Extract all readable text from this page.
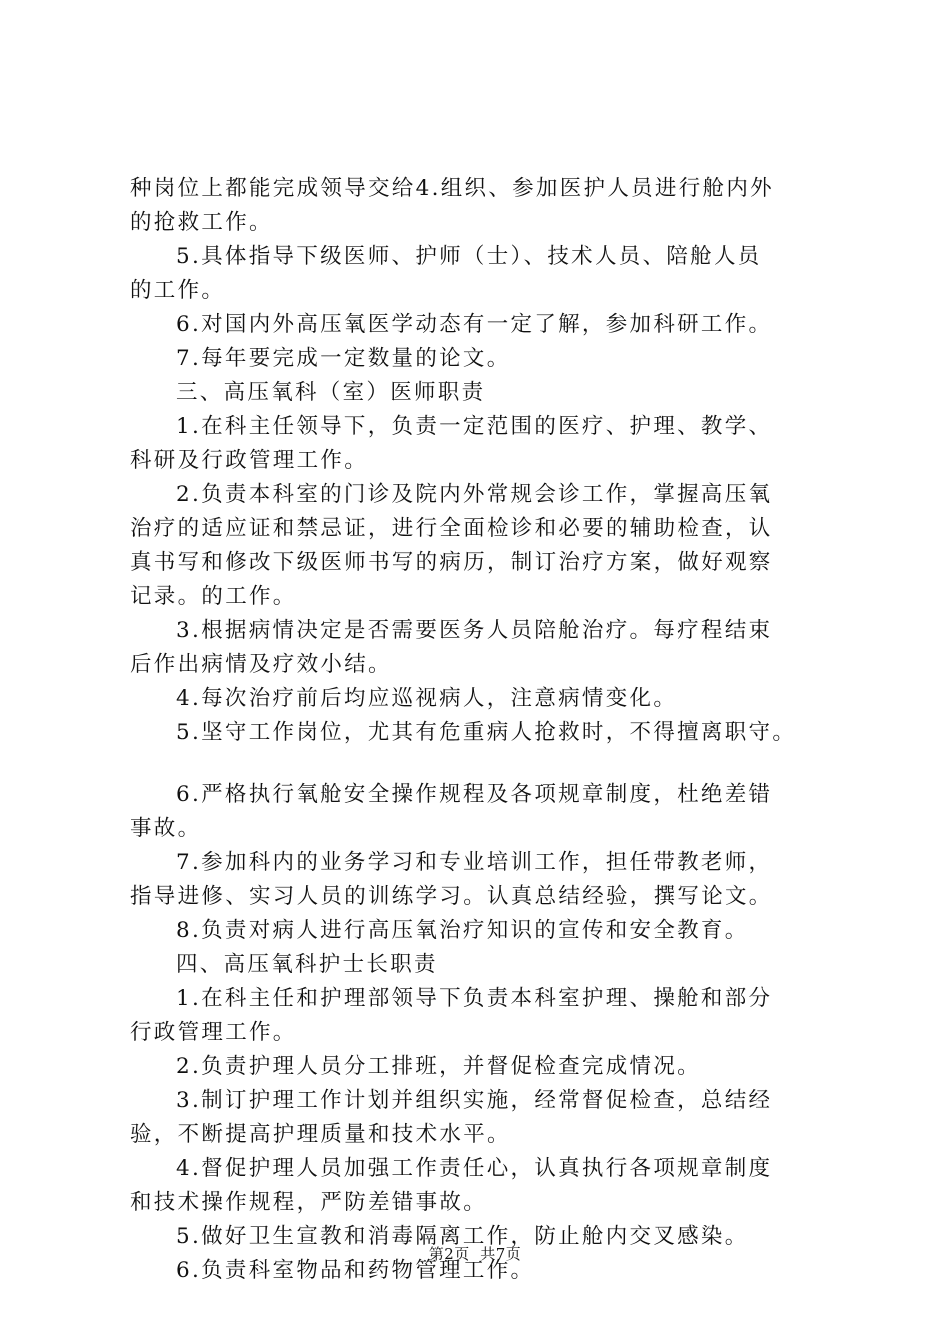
种岗位上都能完成领导交给4.组织、参加医护人员进行舱内外
的抢救工作。
5.具体指导下级医师、护师（士）、技术人员、陪舱人员
的工作。
6.对国内外高压氧医学动态有一定了解，参加科研工作。
7.每年要完成一定数量的论文。
三、高压氧科（室）医师职责
1.在科主任领导下，负责一定范围的医疗、护理、教学、
科研及行政管理工作。
2.负责本科室的门诊及院内外常规会诊工作，掌握高压氧
治疗的适应证和禁忌证，进行全面检诊和必要的辅助检查，认
真书写和修改下级医师书写的病历，制订治疗方案，做好观察
记录。的工作。
3.根据病情决定是否需要医务人员陪舱治疗。每疗程结束
后作出病情及疗效小结。
4.每次治疗前后均应巡视病人，注意病情变化。
5.坚守工作岗位，尤其有危重病人抢救时，不得擅离职守。
6.严格执行氧舱安全操作规程及各项规章制度，杜绝差错
事故。
7.参加科内的业务学习和专业培训工作，担任带教老师，
指导进修、实习人员的训练学习。认真总结经验，撰写论文。
8.负责对病人进行高压氧治疗知识的宣传和安全教育。
四、高压氧科护士长职责
1.在科主任和护理部领导下负责本科室护理、操舱和部分
行政管理工作。
2.负责护理人员分工排班，并督促检查完成情况。
3.制订护理工作计划并组织实施，经常督促检查，总结经
验，不断提高护理质量和技术水平。
4.督促护理人员加强工作责任心，认真执行各项规章制度
和技术操作规程，严防差错事故。
5.做好卫生宣教和消毒隔离工作，防止舱内交叉感染。
6.负责科室物品和药物管理工作。
第2页  共7页
